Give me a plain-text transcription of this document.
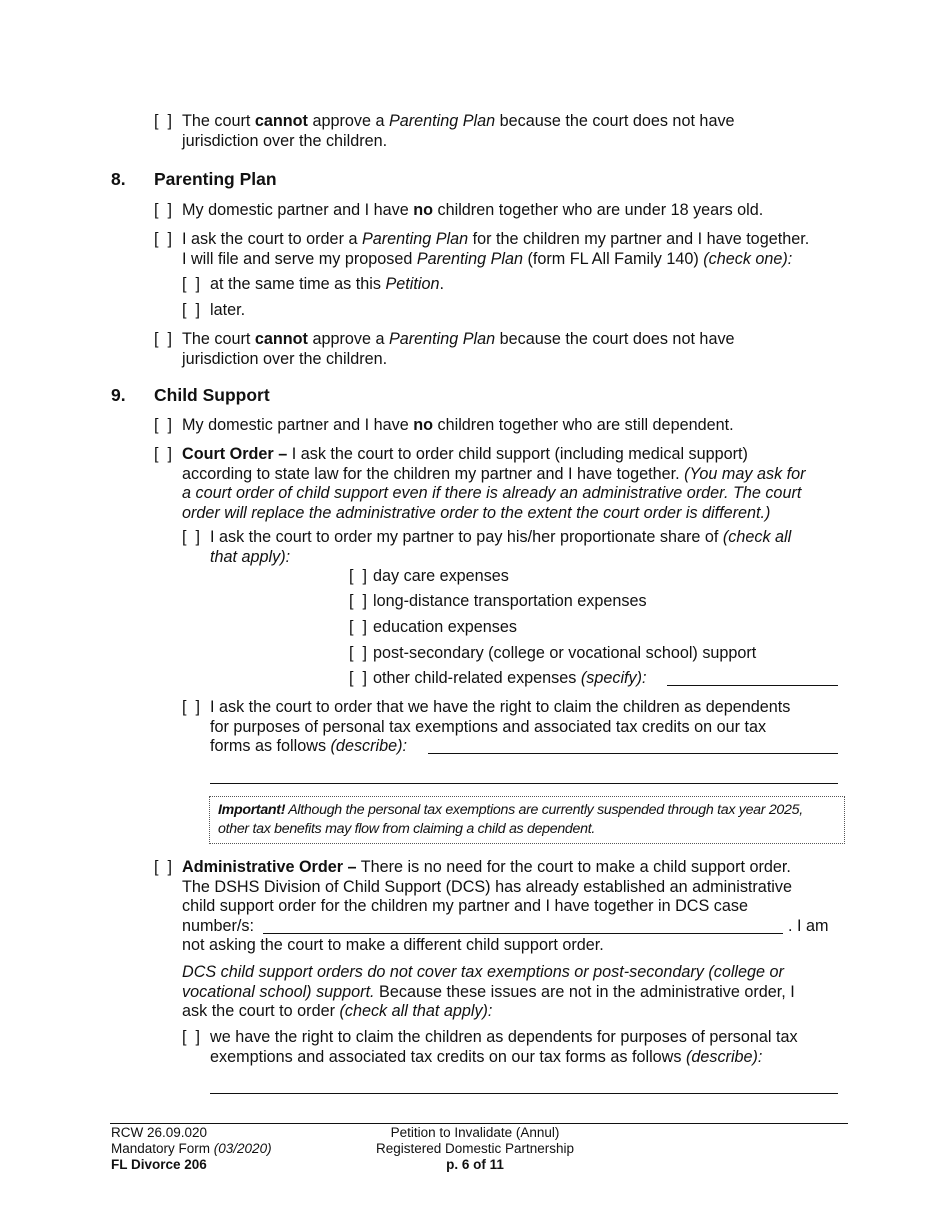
[  ] The court cannot approve a Parenting Plan because the court does not have
jurisdiction over the children.
8. Parenting Plan
[  ] My domestic partner and I have no children together who are under 18 years old.
[  ] I ask the court to order a Parenting Plan for the children my partner and I have together.
I will file and serve my proposed Parenting Plan (form FL All Family 140) (check one):
[  ] at the same time as this Petition.
[  ] later.
[  ] The court cannot approve a Parenting Plan because the court does not have
jurisdiction over the children.
9. Child Support
[  ] My domestic partner and I have no children together who are still dependent.
[  ] Court Order – I ask the court to order child support (including medical support)
according to state law for the children my partner and I have together. (You may ask for
a court order of child support even if there is already an administrative order. The court
order will replace the administrative order to the extent the court order is different.)
[  ] I ask the court to order my partner to pay his/her proportionate share of (check all
that apply):
[  ] day care expenses
[  ] long-distance transportation expenses
[  ] education expenses
[  ] post-secondary (college or vocational school) support
[  ] other child-related expenses (specify):
[  ] I ask the court to order that we have the right to claim the children as dependents
for purposes of personal tax exemptions and associated tax credits on our tax
forms as follows (describe):
Important! Although the personal tax exemptions are currently suspended through tax year 2025,
other tax benefits may flow from claiming a child as dependent.
[  ] Administrative Order – There is no need for the court to make a child support order.
The DSHS Division of Child Support (DCS) has already established an administrative
child support order for the children my partner and I have together in DCS case
number/s:
not asking the court to make a different child support order.
. I am
DCS child support orders do not cover tax exemptions or post-secondary (college or
vocational school) support. Because these issues are not in the administrative order, I
ask the court to order (check all that apply):
[  ] we have the right to claim the children as dependents for purposes of personal tax
exemptions and associated tax credits on our tax forms as follows (describe):
RCW 26.09.020
Mandatory Form (03/2020)
FL Divorce 206
Petition to Invalidate (Annul)
Registered Domestic Partnership
p. 6 of 11
